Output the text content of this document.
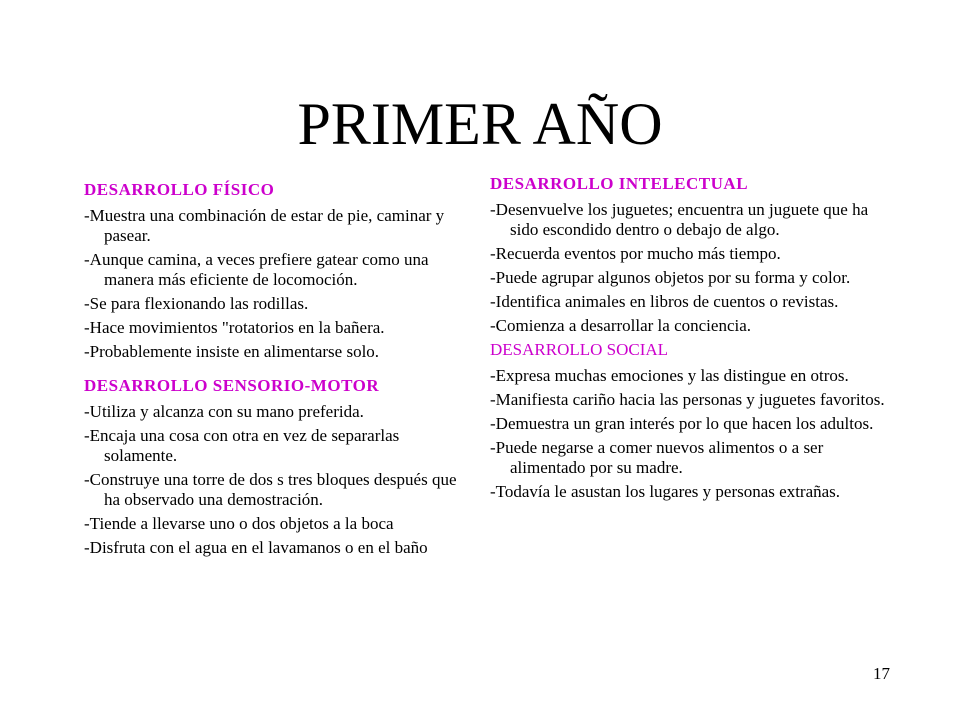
PRIMER AÑO
DESARROLLO FÍSICO
-Muestra una combinación de estar de pie, caminar y pasear.
-Aunque camina, a veces prefiere gatear como una manera más eficiente de locomoción.
-Se para flexionando las rodillas.
-Hace movimientos "rotatorios en la bañera.
-Probablemente insiste en alimentarse solo.
DESARROLLO SENSORIO-MOTOR
-Utiliza y alcanza con su mano preferida.
-Encaja una cosa con otra en vez de separarlas solamente.
-Construye una torre de dos s tres bloques después que ha observado una demostración.
-Tiende a llevarse uno o dos objetos a la boca
-Disfruta con el agua en el lavamanos o en el baño
DESARROLLO INTELECTUAL
-Desenvuelve los juguetes; encuentra un juguete que ha sido escondido dentro o debajo de algo.
-Recuerda eventos por mucho más tiempo.
-Puede agrupar algunos objetos por su forma y color.
-Identifica animales en libros de cuentos o revistas.
-Comienza a desarrollar la conciencia.
DESARROLLO SOCIAL
-Expresa muchas emociones y las distingue en otros.
-Manifiesta cariño hacia las personas y juguetes favoritos.
-Demuestra un gran interés por lo que hacen los adultos.
-Puede negarse a comer nuevos alimentos o a ser alimentado por su madre.
-Todavía le asustan los lugares y personas extrañas.
17
